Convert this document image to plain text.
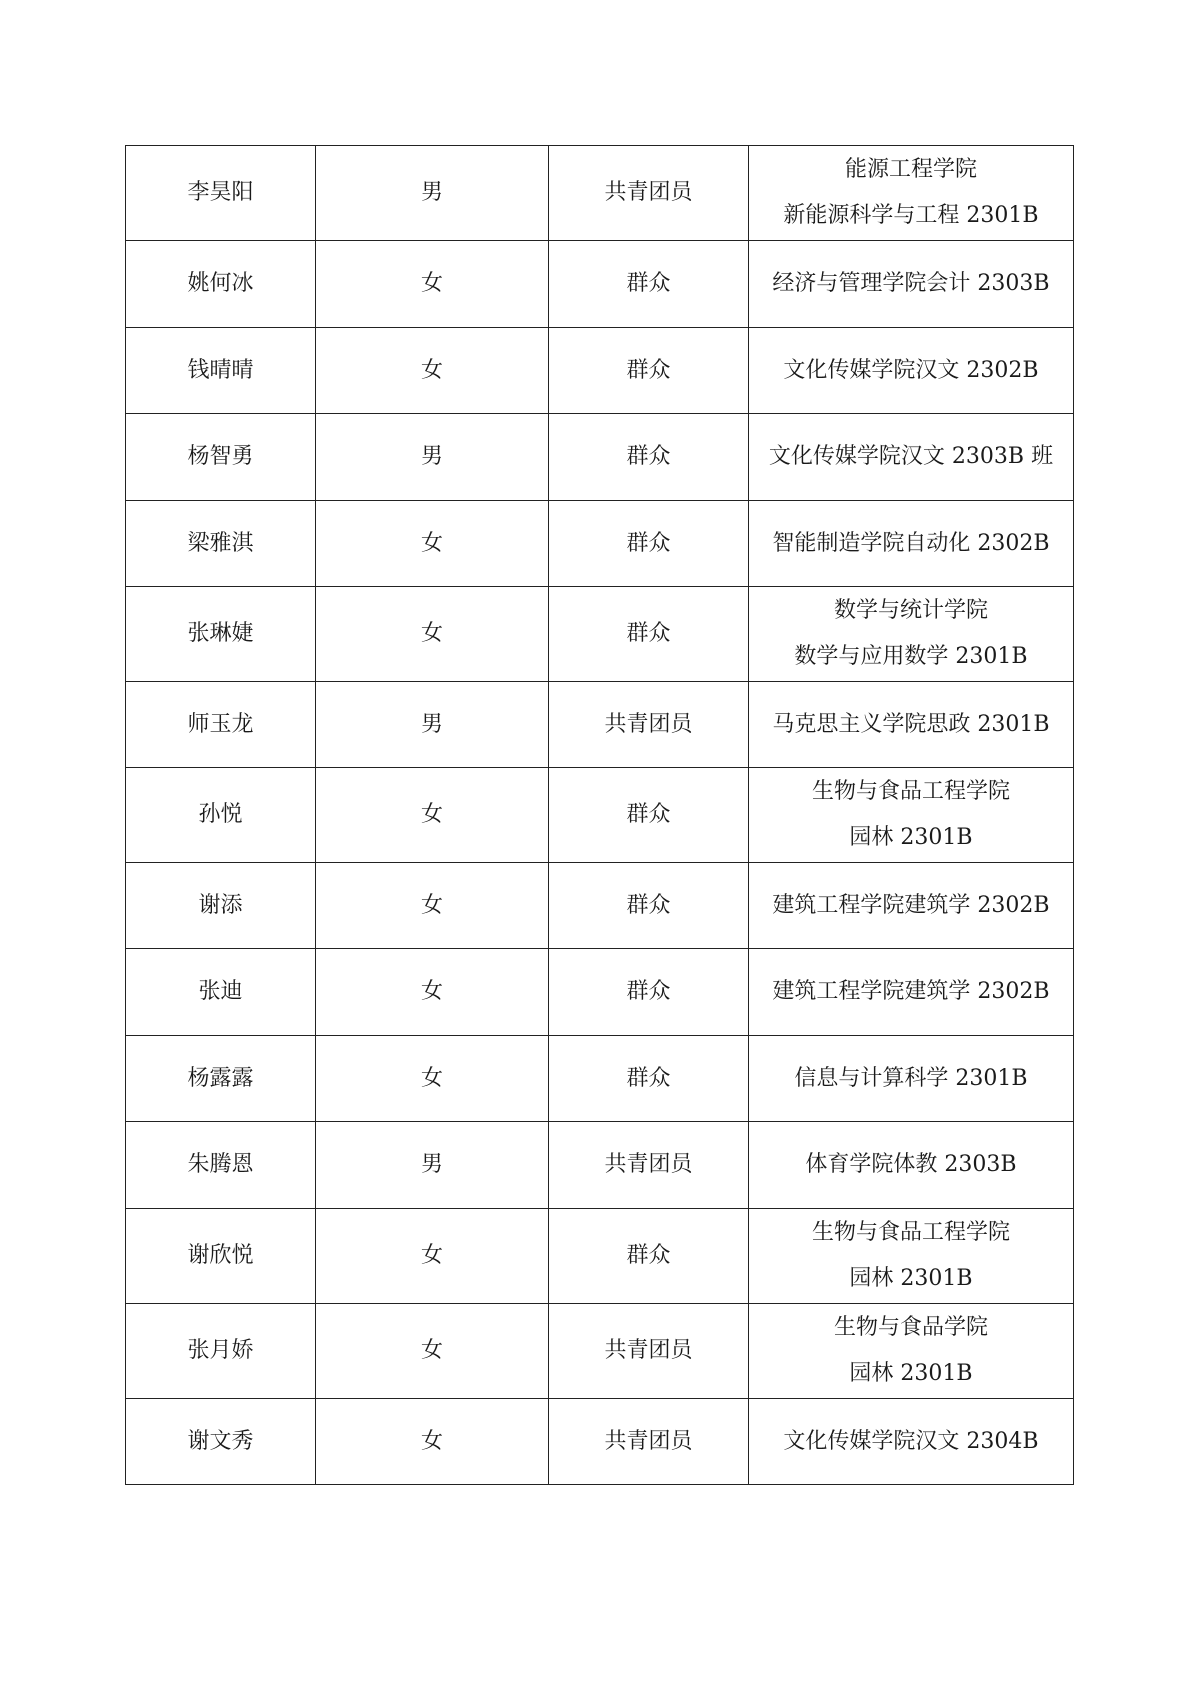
李昊阳	男	共青团员	能源工程学院
新能源科学与工程 2301B

姚何冰	女	群众	经济与管理学院会计 2303B

钱晴晴	女	群众	文化传媒学院汉文 2302B

杨智勇	男	群众	文化传媒学院汉文 2303B 班

梁雅淇	女	群众	智能制造学院自动化 2302B

张琳婕	女	群众	数学与统计学院
数学与应用数学 2301B

师玉龙	男	共青团员	马克思主义学院思政 2301B

孙悦	女	群众	生物与食品工程学院
园林 2301B

谢添	女	群众	建筑工程学院建筑学 2302B

张迪	女	群众	建筑工程学院建筑学 2302B

杨露露	女	群众	信息与计算科学 2301B

朱腾恩	男	共青团员	体育学院体教 2303B

谢欣悦	女	群众	生物与食品工程学院
园林 2301B

张月娇	女	共青团员	生物与食品学院
园林 2301B

谢文秀	女	共青团员	文化传媒学院汉文 2304B
